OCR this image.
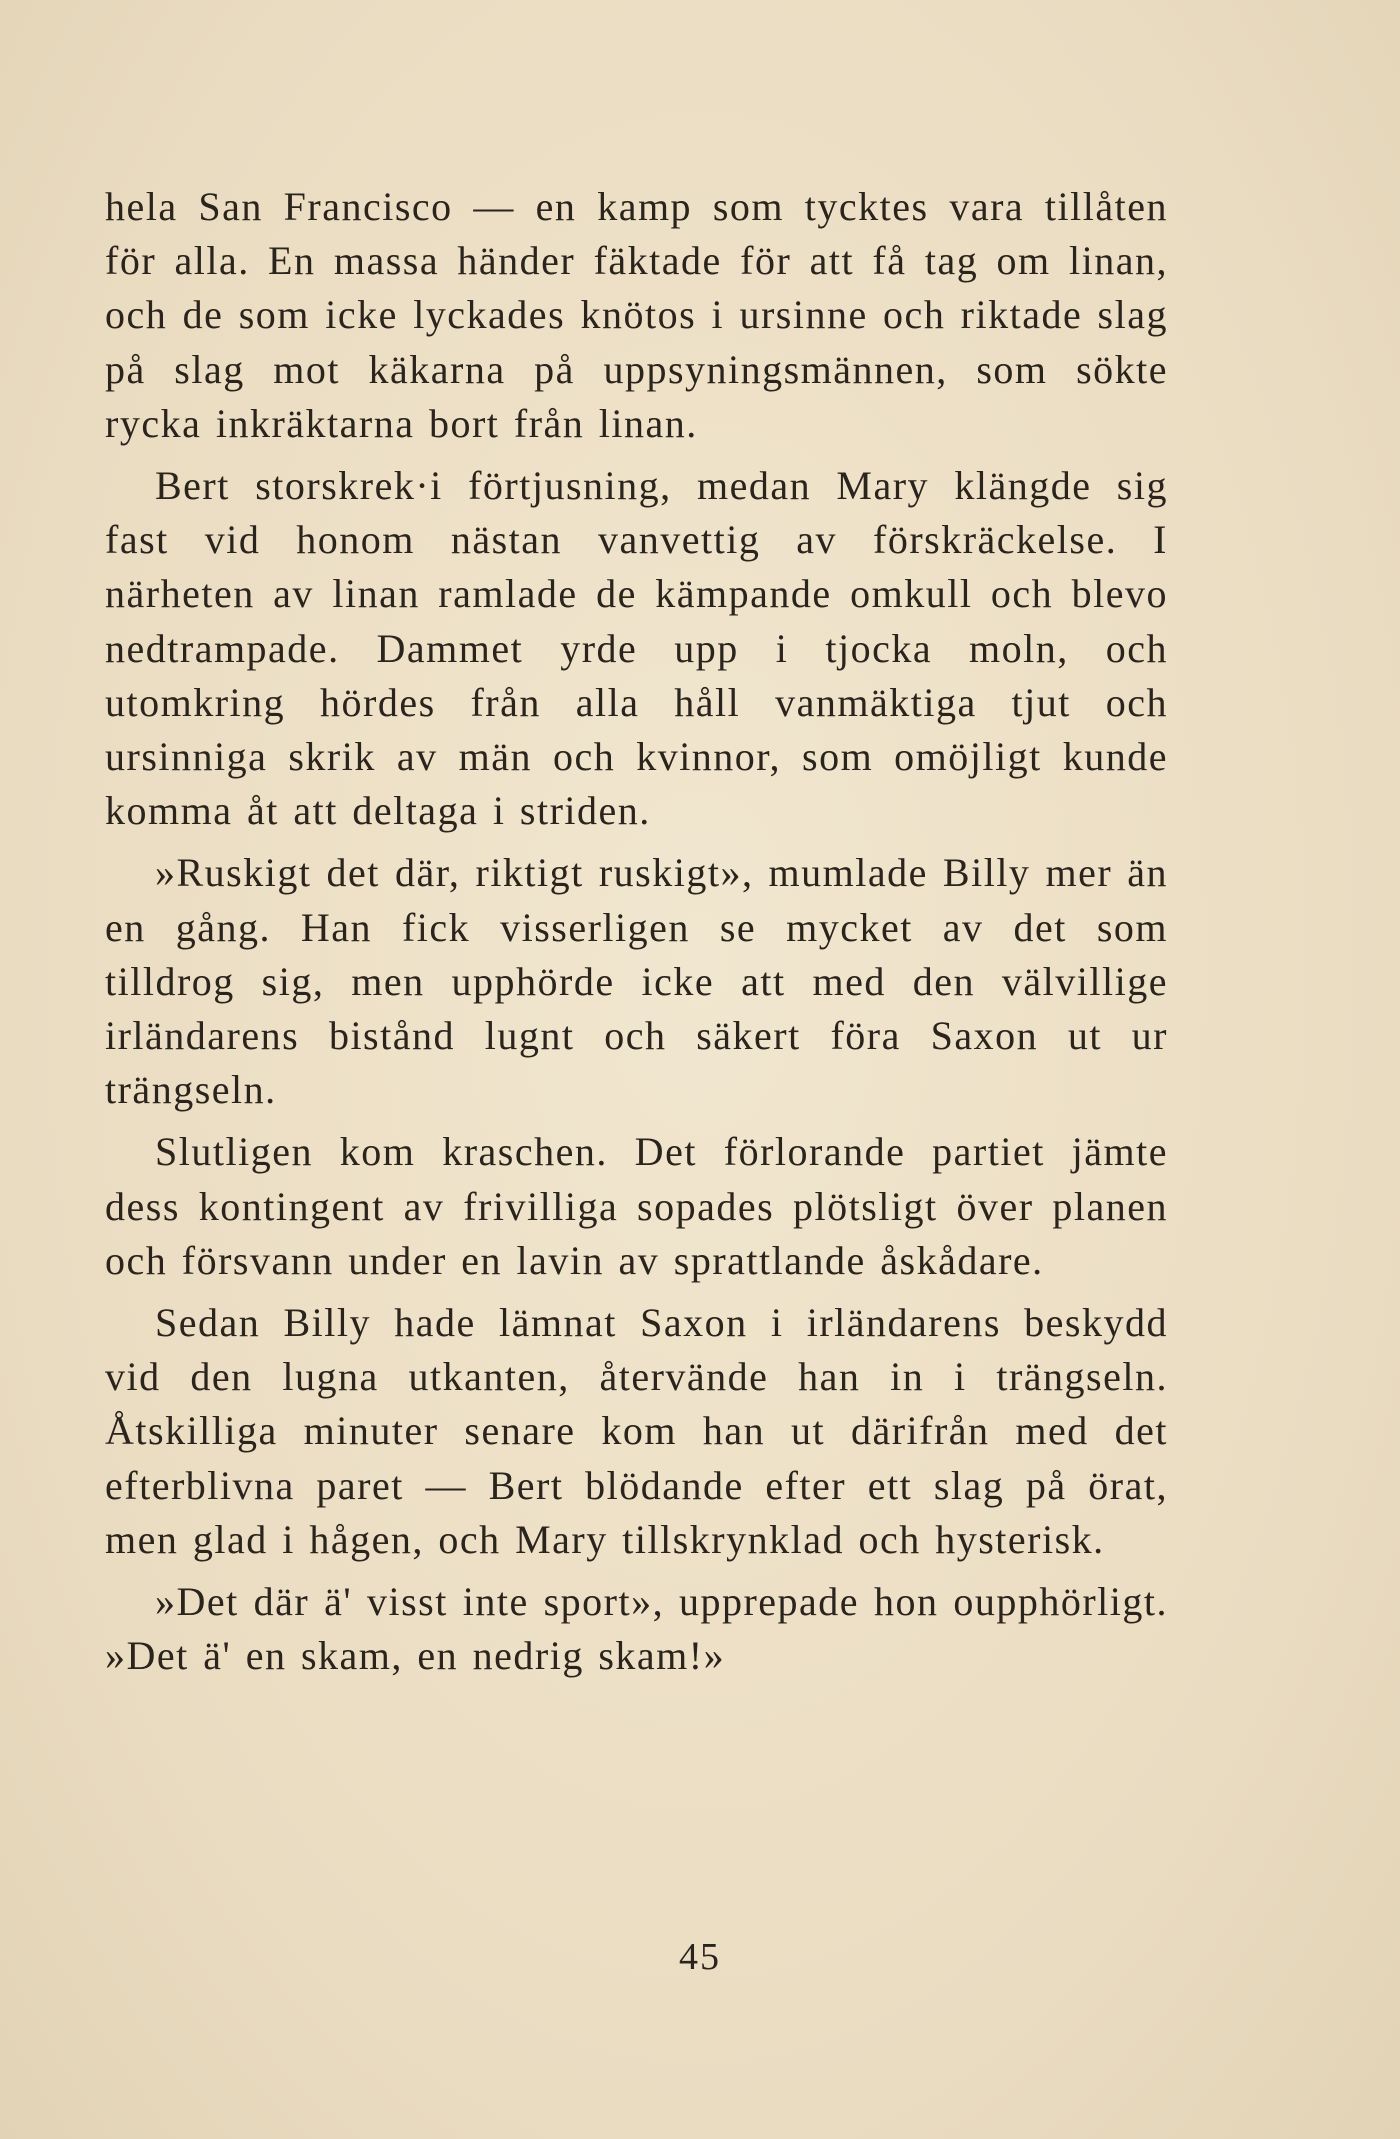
hela San Francisco — en kamp som tycktes vara tillåten för alla. En massa händer fäktade för att få tag om linan, och de som icke lyckades knötos i ursinne och riktade slag på slag mot käkarna på uppsyningsmännen, som sökte rycka inkräktarna bort från linan.

Bert storskrek·i förtjusning, medan Mary klängde sig fast vid honom nästan vanvettig av förskräckelse. I närheten av linan ramlade de kämpande omkull och blevo nedtrampade. Dammet yrde upp i tjocka moln, och utomkring hördes från alla håll vanmäktiga tjut och ursinniga skrik av män och kvinnor, som omöjligt kunde komma åt att deltaga i striden.

»Ruskigt det där, riktigt ruskigt», mumlade Billy mer än en gång. Han fick visserligen se mycket av det som tilldrog sig, men upphörde icke att med den välvillige irländarens bistånd lugnt och säkert föra Saxon ut ur trängseln.

Slutligen kom kraschen. Det förlorande partiet jämte dess kontingent av frivilliga sopades plötsligt över planen och försvann under en lavin av sprattlande åskådare.

Sedan Billy hade lämnat Saxon i irländarens beskydd vid den lugna utkanten, återvände han in i trängseln. Åtskilliga minuter senare kom han ut därifrån med det efterblivna paret — Bert blödande efter ett slag på örat, men glad i hågen, och Mary tillskrynklad och hysterisk.

»Det där ä' visst inte sport», upprepade hon oupphörligt. »Det ä' en skam, en nedrig skam!»

45
